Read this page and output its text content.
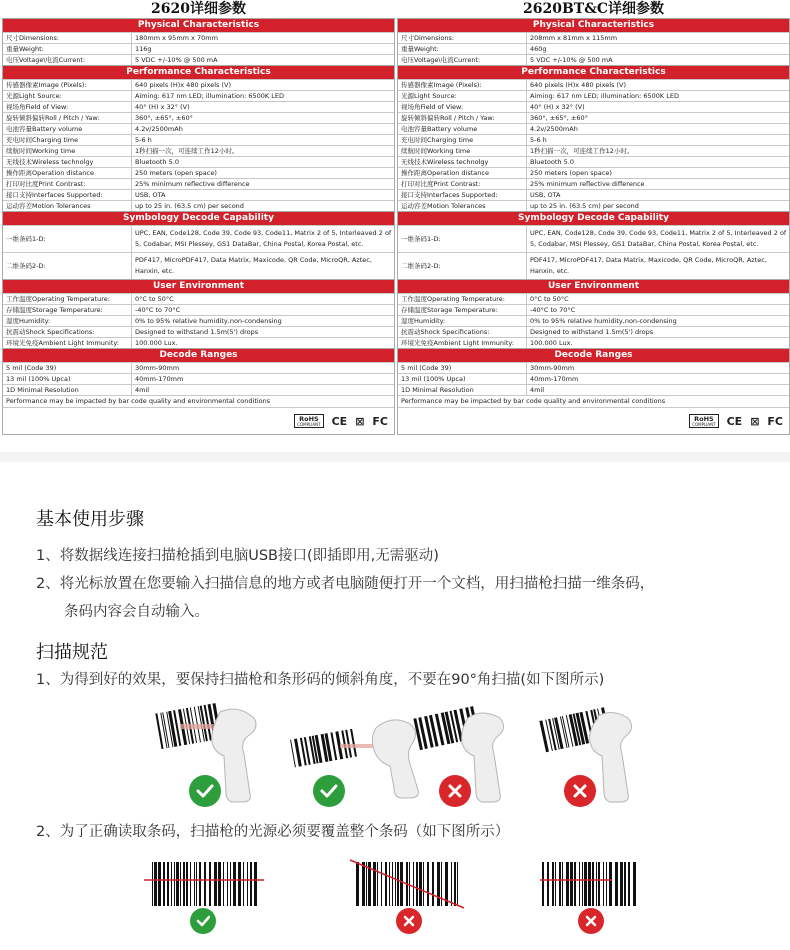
2620详细参数
Physical Characteristics
尺寸Dimensions:	180mm x 95mm x 70mm
重量Weight:	116g
电压Voltage\电流Current:	5 VDC +/-10% @ 500 mA
Performance Characteristics
传感器像素Image (Pixels):	640 pixels (H)x 480 pixels (V)
光源Light Source:	Aiming: 617 nm LED; illumination: 6500K LED
视场角Field of View:	40° (H) x 32° (V)
旋转倾斜偏转Roll / Pitch / Yaw:	360°, ±65°, ±60°
电池容量Battery volume	4.2v/2500mAh
充电时间Charging time	5-6 h
续航时间Working time	1秒扫描一次，可连续工作12小时。
无线技术Wireless technolgy	Bluetooth 5.0
操作距离Operation distance	250 meters (open space)
打印对比度Print Contrast:	25% minimum reflective difference
接口支持Interfaces Supported:	USB, OTA
运动容差Motion Tolerances	up to 25 in. (63.5 cm) per second
Symbology Decode Capability
一维条码1-D:
UPC, EAN, Code128, Code 39, Code 93, Code11, Matrix 2 of 5, Interleaved 2 of 5, Codabar, MSI Plessey, GS1 DataBar, China Postal, Korea Postal, etc.
二维条码2-D:
PDF417, MicroPDF417, Data Matrix, Maxicode, QR Code, MicroQR, Aztec, Hanxin, etc.
User Environment
工作温度Operating Temperature:	0°C to 50°C
存储温度Storage Temperature:	-40°C to 70°C
湿度Humidity:	0% to 95% relative humidity,non-condensing
抗震动Shock Specifications:	Designed to withstand 1.5m(5') drops
环境光免疫Ambient Light Immunity:	100.000 Lux.
Decode Ranges
5 mil (Code 39)	30mm-90mm
13 mil (100% Upca)	40mm-170mm
1D Minimal Resolution	4mil
Performance may be impacted by bar code quality and environmental conditions
RoHS
COMPLIANT CE ⊠ FC
2620BT&C详细参数
Physical Characteristics
尺寸Dimensions:	208mm x 81mm x 115mm
重量Weight:	460g
电压Voltage\电流Current:	5 VDC +/-10% @ 500 mA
Performance Characteristics
传感器像素Image (Pixels):	640 pixels (H)x 480 pixels (V)
光源Light Source:	Aiming: 617 nm LED; illumination: 6500K LED
视场角Field of View:	40° (H) x 32° (V)
旋转倾斜偏转Roll / Pitch / Yaw:	360°, ±65°, ±60°
电池容量Battery volume	4.2v/2500mAh
充电时间Charging time	5-6 h
续航时间Working time	1秒扫描一次，可连续工作12小时。
无线技术Wireless technolgy	Bluetooth 5.0
操作距离Operation distance	250 meters (open space)
打印对比度Print Contrast:	25% minimum reflective difference
接口支持Interfaces Supported:	USB, OTA
运动容差Motion Tolerances	up to 25 in. (63.5 cm) per second
Symbology Decode Capability
一维条码1-D:
UPC, EAN, Code128, Code 39, Code 93, Code11, Matrix 2 of 5, Interleaved 2 of 5, Codabar, MSI Plessey, GS1 DataBar, China Postal, Korea Postal, etc.
二维条码2-D:
PDF417, MicroPDF417, Data Matrix, Maxicode, QR Code, MicroQR, Aztec, Hanxin, etc.
User Environment
工作温度Operating Temperature:	0°C to 50°C
存储温度Storage Temperature:	-40°C to 70°C
湿度Humidity:	0% to 95% relative humidity,non-condensing
抗震动Shock Specifications:	Designed to withstand 1.5m(5') drops
环境光免疫Ambient Light Immunity:	100.000 Lux.
Decode Ranges
5 mil (Code 39)	30mm-90mm
13 mil (100% Upca)	40mm-170mm
1D Minimal Resolution	4mil
Performance may be impacted by bar code quality and environmental conditions
RoHS
COMPLIANT CE ⊠ FC
基本使用步骤
1、将数据线连接扫描枪插到电脑USB接口(即插即用,无需驱动)
2、将光标放置在您要输入扫描信息的地方或者电脑随便打开一个文档，用扫描枪扫描一维条码，
条码内容会自动输入。
扫描规范
1、为得到好的效果，要保持扫描枪和条形码的倾斜角度，不要在90°角扫描(如下图所示)
2、为了正确读取条码，扫描枪的光源必须要覆盖整个条码（如下图所示）
